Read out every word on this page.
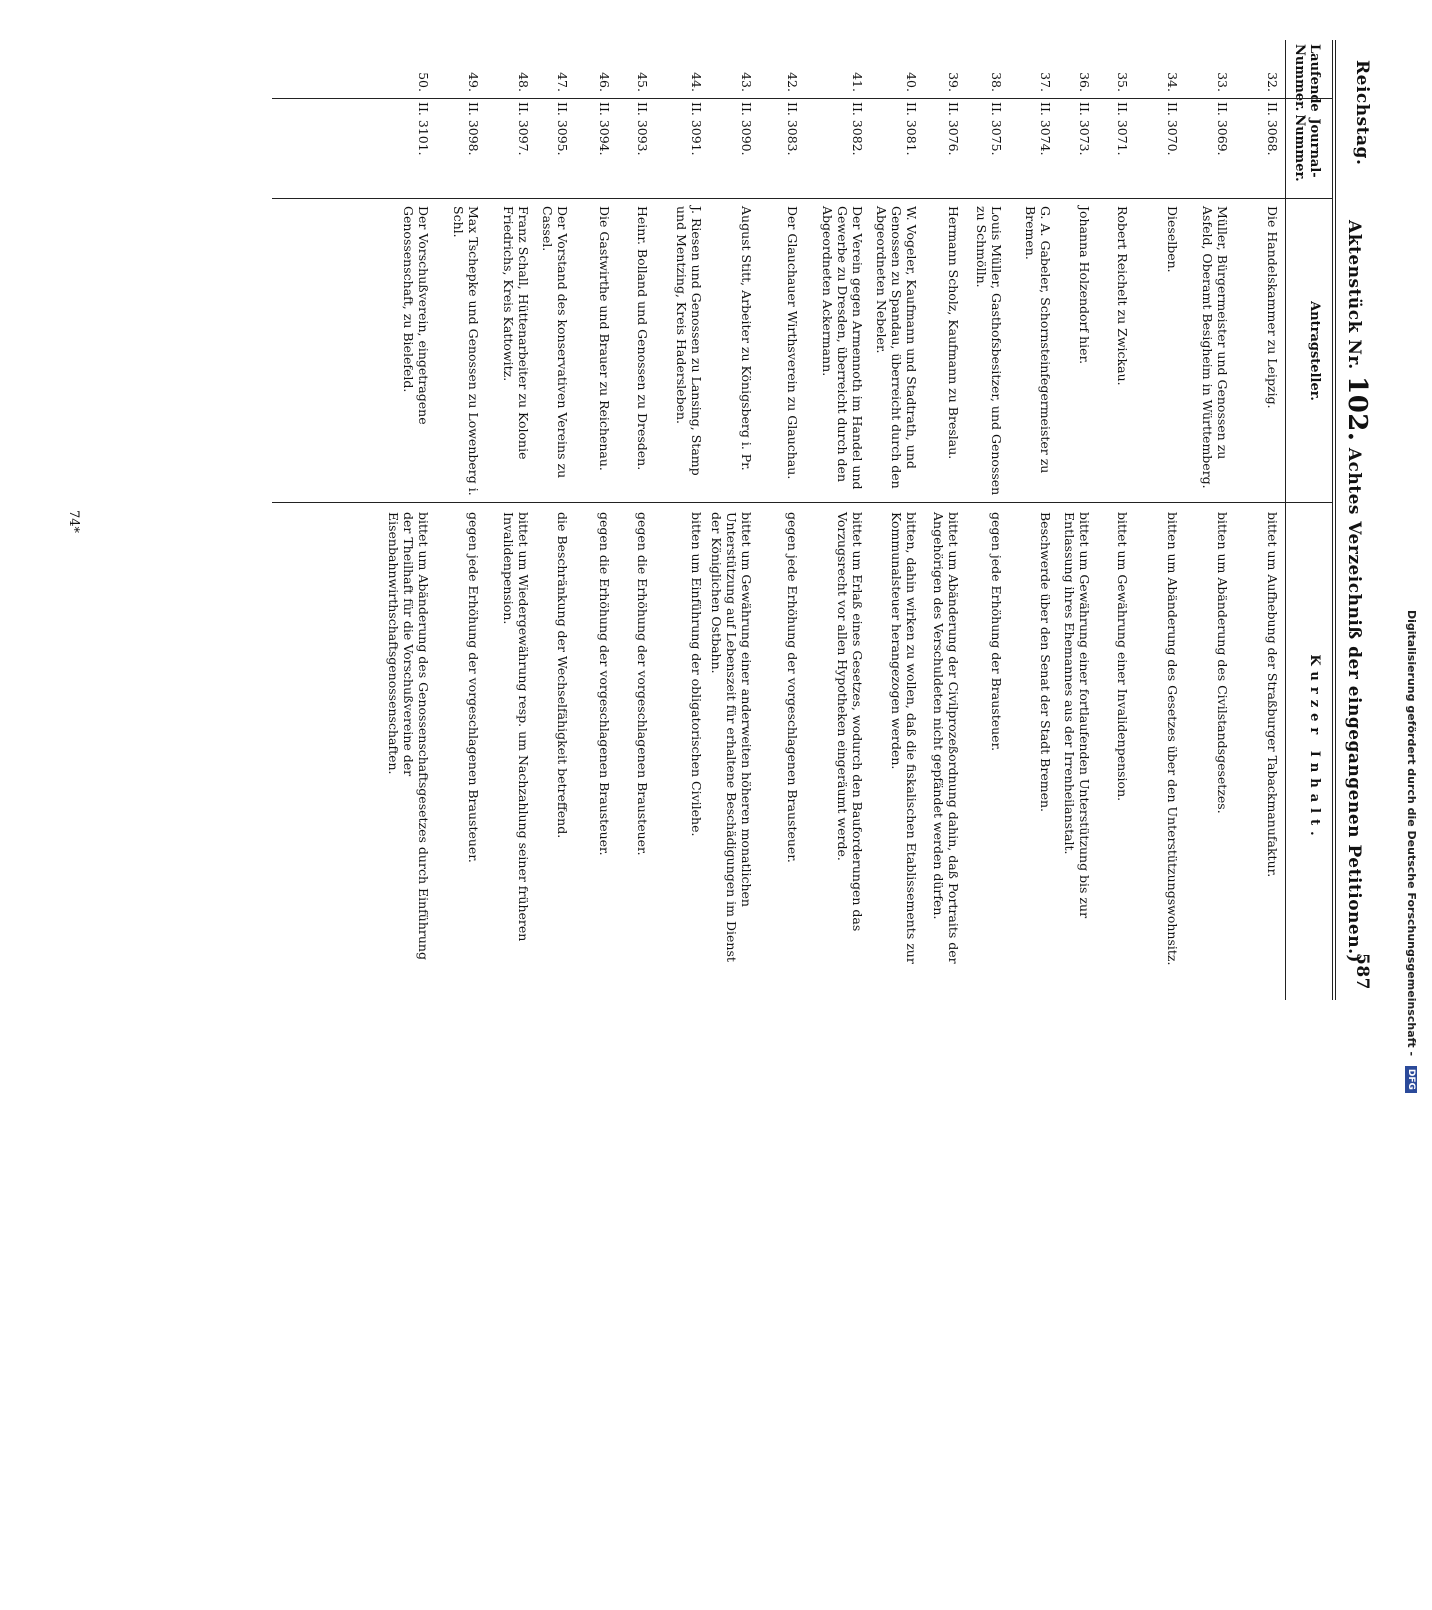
Reichstag.
Aktenstück Nr. 102. Achtes Verzeichniß der eingegangenen Petitionen.)
587
Laufende Nummer.
Journal-Nummer.
Antragsteller.
Kurzer Inhalt.
32.
II. 3068.
Die Handelskammer zu Leipzig.
bittet um Aufhebung der Straßburger Tabackmanufaktur.
33.
II. 3069.
Müller, Bürgermeister und Genossen zu Asfeld, Oberamt Besigheim in Württemberg.
bitten um Abänderung des Civilstandsgesetzes.
34.
II. 3070.
Dieselben.
bitten um Abänderung des Gesetzes über den Unterstützungswohnsitz.
35.
II. 3071.
Robert Reichelt zu Zwickau.
bittet um Gewährung einer Invalidenpension.
36.
II. 3073.
Johanna Holzendorf hier.
bittet um Gewährung einer fortlaufenden Unterstützung bis zur Entlassung ihres Ehemannes aus der Irrenheilanstalt.
37.
II. 3074.
G. A. Gabeler, Schornsteinfegermeister zu Bremen.
Beschwerde über den Senat der Stadt Bremen.
38.
II. 3075.
Louis Müller, Gasthofsbesitzer, und Genossen zu Schmölln.
gegen jede Erhöhung der Brausteuer.
39.
II. 3076.
Hermann Scholz, Kaufmann zu Breslau.
bittet um Abänderung der Civilprozeßordnung dahin, daß Portraits der Angehörigen des Verschuldeten nicht gepfändet werden dürfen.
40.
II. 3081.
W. Vogeler, Kaufmann und Stadtrath, und Genossen zu Spandau, überreicht durch den Abgeordneten Nebeler.
bitten, dahin wirken zu wollen, daß die fiskalischen Etablissements zur Kommunalsteuer herangezogen werden.
41.
II. 3082.
Der Verein gegen Armennoth im Handel und Gewerbe zu Dresden, überreicht durch den Abgeordneten Ackermann.
bittet um Erlaß eines Gesetzes, wodurch den Bauforderungen das Vorzugsrecht vor allen Hypotheken eingeräumt werde.
42.
II. 3083.
Der Glauchauer Wirthsverein zu Glauchau.
gegen jede Erhöhung der vorgeschlagenen Brausteuer.
43.
II. 3090.
August Stitt, Arbeiter zu Königsberg i. Pr.
bittet um Gewährung einer anderweiten höheren monatlichen Unterstützung auf Lebenszeit für erhaltene Beschädigungen im Dienst der Königlichen Ostbahn.
44.
II. 3091.
J. Riesen und Genossen zu Lansing, Stamp und Mentzing, Kreis Hadersleben.
bitten um Einführung der obligatorischen Civilehe.
45.
II. 3093.
Heinr. Bolland und Genossen zu Dresden.
gegen die Erhöhung der vorgeschlagenen Brausteuer.
46.
II. 3094.
Die Gastwirthe und Brauer zu Reichenau.
gegen die Erhöhung der vorgeschlagenen Brausteuer.
47.
II. 3095.
Der Vorstand des konservativen Vereins zu Cassel.
die Beschränkung der Wechselfähigkeit betreffend.
48.
II. 3097.
Franz Schall, Hüttenarbeiter zu Kolonie Friedrichs, Kreis Kattowitz.
bittet um Wiedergewährung resp. um Nachzahlung seiner früheren Invalidenpension.
49.
II. 3098.
Max Tschepke und Genossen zu Lowenberg i. Schl.
gegen jede Erhöhung der vorgeschlagenen Brausteuer.
50.
II. 3101.
Der Vorschußverein, eingetragene Genossenschaft, zu Bielefeld.
bittet um Abänderung des Genossenschaftsgesetzes durch Einführung der Theilhaft für die Vorschußvereine der Eisenbahnwirthschaftsgenossenschaften.
74*
Digitalisierung gefördert durch die Deutsche Forschungsgemeinschaft - DFG
